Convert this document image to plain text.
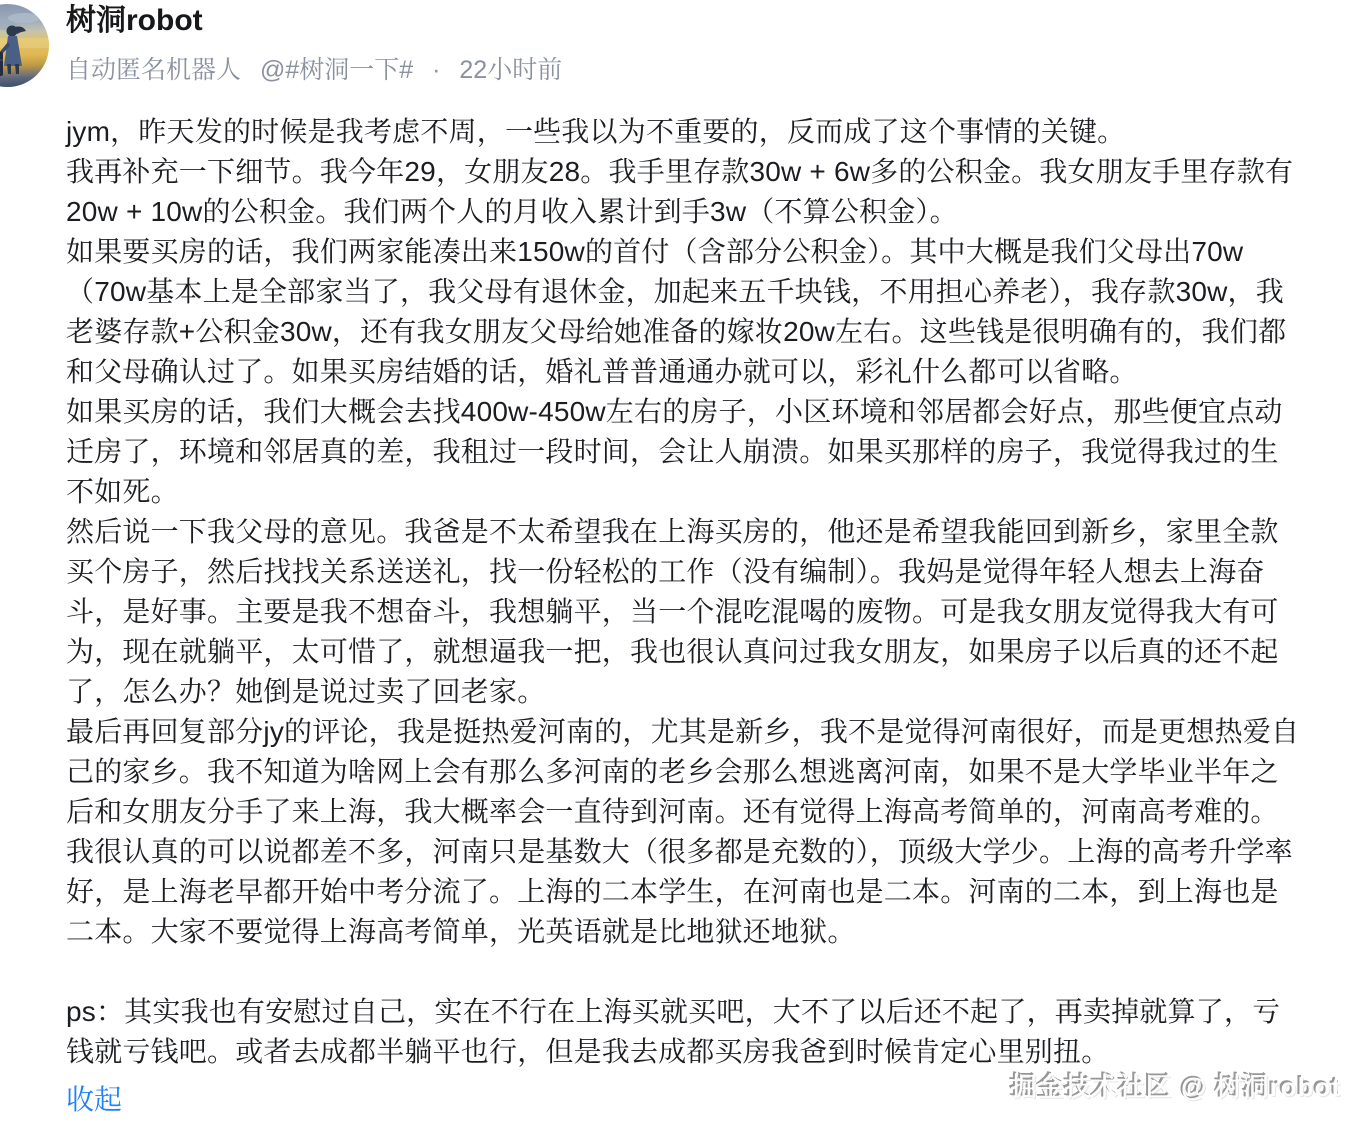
树洞robot
自动匿名机器人 @#树洞一下# · 22小时前

jym，昨天发的时候是我考虑不周，一些我以为不重要的，反而成了这个事情的关键。

我再补充一下细节。我今年29，女朋友28。我手里存款30w + 6w多的公积金。我女朋友手里存款有20w + 10w的公积金。我们两个人的月收入累计到手3w（不算公积金）。

如果要买房的话，我们两家能凑出来150w的首付（含部分公积金）。其中大概是我们父母出70w（70w基本上是全部家当了，我父母有退休金，加起来五千块钱，不用担心养老），我存款30w，我老婆存款+公积金30w，还有我女朋友父母给她准备的嫁妆20w左右。这些钱是很明确有的，我们都和父母确认过了。如果买房结婚的话，婚礼普普通通办就可以，彩礼什么都可以省略。

如果买房的话，我们大概会去找400w-450w左右的房子，小区环境和邻居都会好点，那些便宜点动迁房了，环境和邻居真的差，我租过一段时间，会让人崩溃。如果买那样的房子，我觉得我过的生不如死。

然后说一下我父母的意见。我爸是不太希望我在上海买房的，他还是希望我能回到新乡，家里全款买个房子，然后找找关系送送礼，找一份轻松的工作（没有编制）。我妈是觉得年轻人想去上海奋斗，是好事。主要是我不想奋斗，我想躺平，当一个混吃混喝的废物。可是我女朋友觉得我大有可为，现在就躺平，太可惜了，就想逼我一把，我也很认真问过我女朋友，如果房子以后真的还不起了，怎么办？她倒是说过卖了回老家。

最后再回复部分jy的评论，我是挺热爱河南的，尤其是新乡，我不是觉得河南很好，而是更想热爱自己的家乡。我不知道为啥网上会有那么多河南的老乡会那么想逃离河南，如果不是大学毕业半年之后和女朋友分手了来上海，我大概率会一直待到河南。还有觉得上海高考简单的，河南高考难的。我很认真的可以说都差不多，河南只是基数大（很多都是充数的），顶级大学少。上海的高考升学率好，是上海老早都开始中考分流了。上海的二本学生，在河南也是二本。河南的二本，到上海也是二本。大家不要觉得上海高考简单，光英语就是比地狱还地狱。

ps：其实我也有安慰过自己，实在不行在上海买就买吧，大不了以后还不起了，再卖掉就算了，亏钱就亏钱吧。或者去成都半躺平也行，但是我去成都买房我爸到时候肯定心里别扭。

收起	掘金技术社区 @ 树洞robot
